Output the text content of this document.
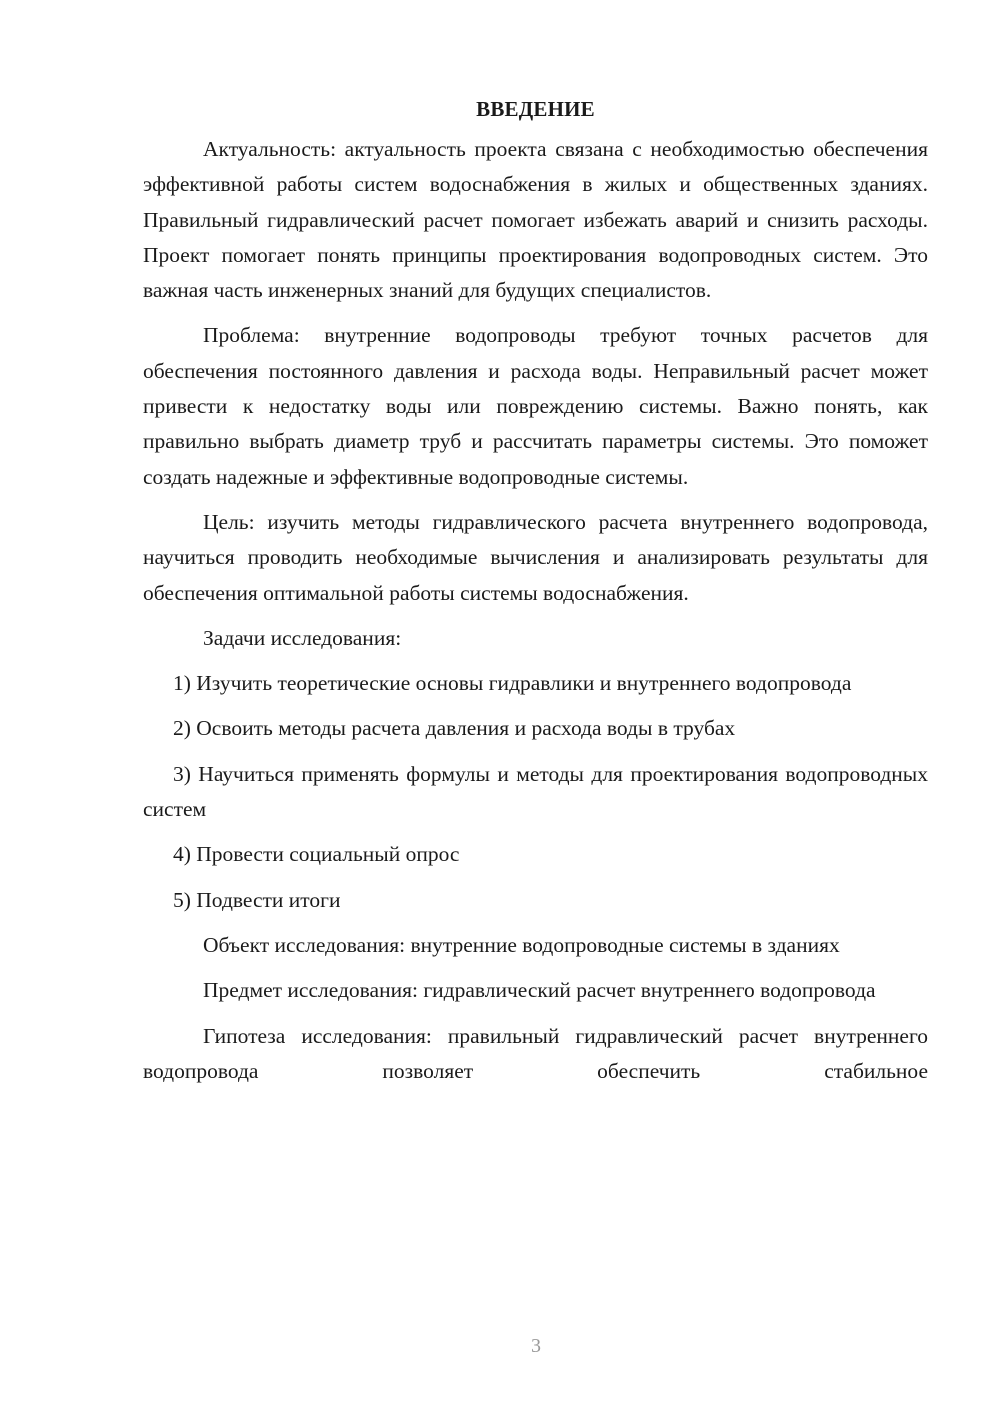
ВВЕДЕНИЕ

Актуальность: актуальность проекта связана с необходимостью обеспечения эффективной работы систем водоснабжения в жилых и общественных зданиях. Правильный гидравлический расчет помогает избежать аварий и снизить расходы. Проект помогает понять принципы проектирования водопроводных систем. Это важная часть инженерных знаний для будущих специалистов.

Проблема: внутренние водопроводы требуют точных расчетов для обеспечения постоянного давления и расхода воды. Неправильный расчет может привести к недостатку воды или повреждению системы. Важно понять, как правильно выбрать диаметр труб и рассчитать параметры системы. Это поможет создать надежные и эффективные водопроводные системы.

Цель: изучить методы гидравлического расчета внутреннего водопровода, научиться проводить необходимые вычисления и анализировать результаты для обеспечения оптимальной работы системы водоснабжения.

Задачи исследования:

1) Изучить теоретические основы гидравлики и внутреннего водопровода

2) Освоить методы расчета давления и расхода воды в трубах

3) Научиться применять формулы и методы для проектирования водопроводных систем

4) Провести социальный опрос

5) Подвести итоги

Объект исследования: внутренние водопроводные системы в зданиях

Предмет исследования: гидравлический расчет внутреннего водопровода

Гипотеза исследования: правильный гидравлический расчет внутреннего водопровода позволяет обеспечить стабильное

3
